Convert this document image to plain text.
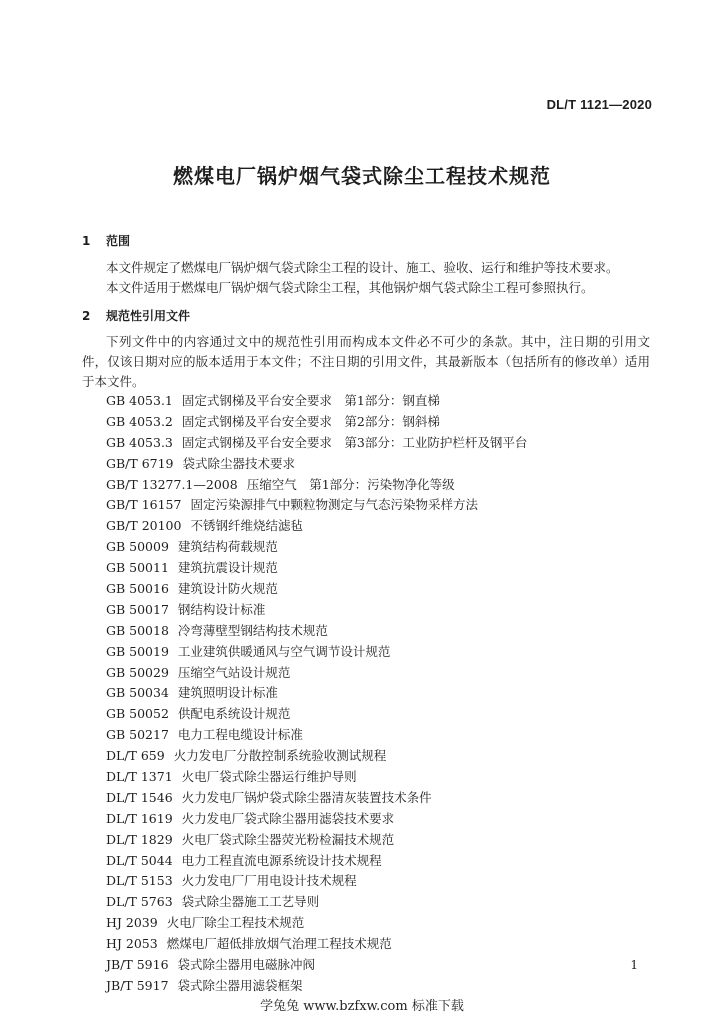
DL/T 1121—2020
燃煤电厂锅炉烟气袋式除尘工程技术规范
1 范围
本文件规定了燃煤电厂锅炉烟气袋式除尘工程的设计、施工、验收、运行和维护等技术要求。
本文件适用于燃煤电厂锅炉烟气袋式除尘工程，其他锅炉烟气袋式除尘工程可参照执行。
2 规范性引用文件
下列文件中的内容通过文中的规范性引用而构成本文件必不可少的条款。其中，注日期的引用文件，仅该日期对应的版本适用于本文件；不注日期的引用文件，其最新版本（包括所有的修改单）适用于本文件。
GB 4053.1 固定式钢梯及平台安全要求　第1部分：钢直梯
GB 4053.2 固定式钢梯及平台安全要求　第2部分：钢斜梯
GB 4053.3 固定式钢梯及平台安全要求　第3部分：工业防护栏杆及钢平台
GB/T 6719 袋式除尘器技术要求
GB/T 13277.1—2008 压缩空气　第1部分：污染物净化等级
GB/T 16157 固定污染源排气中颗粒物测定与气态污染物采样方法
GB/T 20100 不锈钢纤维烧结滤毡
GB 50009 建筑结构荷载规范
GB 50011 建筑抗震设计规范
GB 50016 建筑设计防火规范
GB 50017 钢结构设计标准
GB 50018 冷弯薄壁型钢结构技术规范
GB 50019 工业建筑供暖通风与空气调节设计规范
GB 50029 压缩空气站设计规范
GB 50034 建筑照明设计标准
GB 50052 供配电系统设计规范
GB 50217 电力工程电缆设计标准
DL/T 659 火力发电厂分散控制系统验收测试规程
DL/T 1371 火电厂袋式除尘器运行维护导则
DL/T 1546 火力发电厂锅炉袋式除尘器清灰装置技术条件
DL/T 1619 火力发电厂袋式除尘器用滤袋技术要求
DL/T 1829 火电厂袋式除尘器荧光粉检漏技术规范
DL/T 5044 电力工程直流电源系统设计技术规程
DL/T 5153 火力发电厂厂用电设计技术规程
DL/T 5763 袋式除尘器施工工艺导则
HJ 2039 火电厂除尘工程技术规范
HJ 2053 燃煤电厂超低排放烟气治理工程技术规范
JB/T 5916 袋式除尘器用电磁脉冲阀
JB/T 5917 袋式除尘器用滤袋框架
1
学兔兔 www.bzfxw.com 标准下载
